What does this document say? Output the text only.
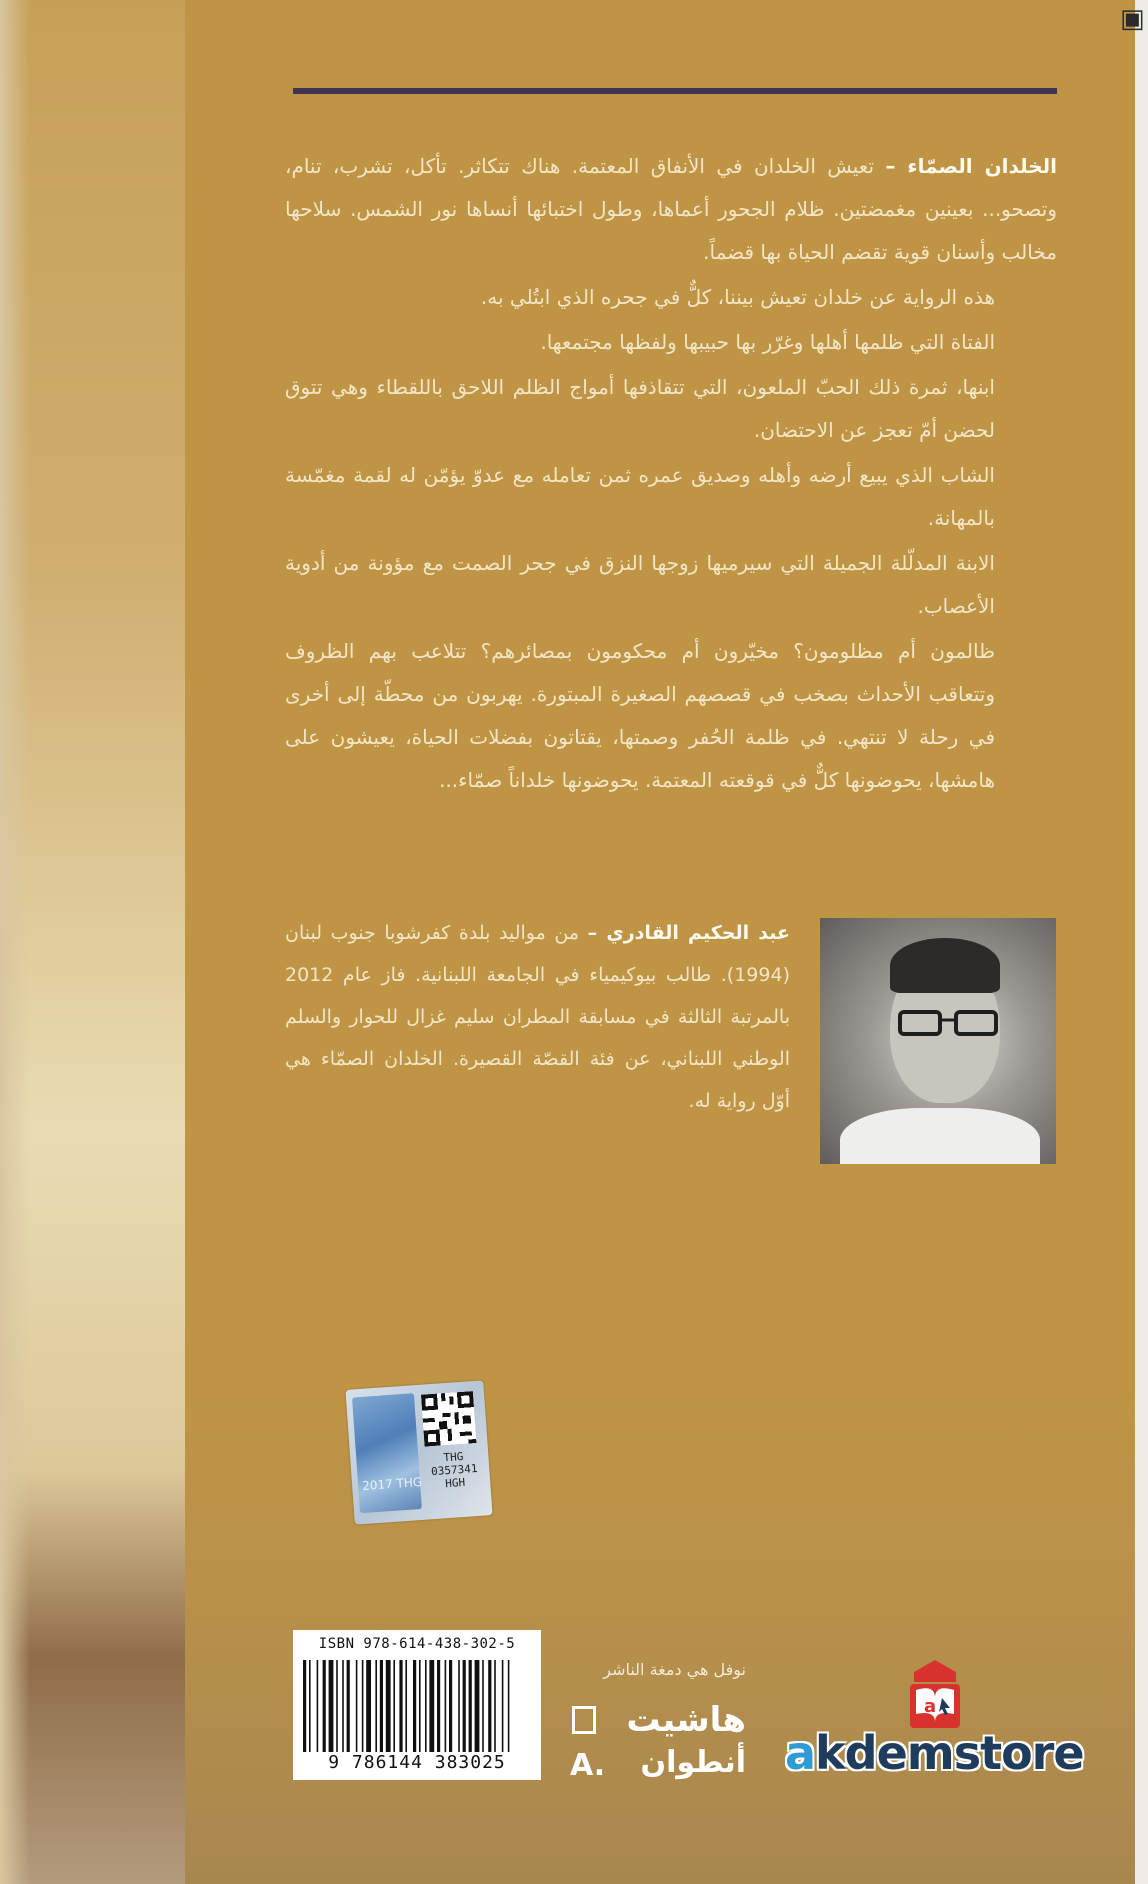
▣

الخلدان الصمّاء – تعيش الخلدان في الأنفاق المعتمة. هناك تتكاثر. تأكل، تشرب، تنام، وتصحو... بعينين مغمضتين. ظلام الجحور أعماها، وطول اختبائها أنساها نور الشمس. سلاحها مخالب وأسنان قوية تقضم الحياة بها قضماً.

هذه الرواية عن خلدان تعيش بيننا، كلٌّ في جحره الذي ابتُلي به.

الفتاة التي ظلمها أهلها وغرّر بها حبيبها ولفظها مجتمعها.

ابنها، ثمرة ذلك الحبّ الملعون، التي تتقاذفها أمواج الظلم اللاحق باللقطاء وهي تتوق لحضن أمّ تعجز عن الاحتضان.

الشاب الذي يبيع أرضه وأهله وصديق عمره ثمن تعامله مع عدوّ يؤمّن له لقمة مغمّسة بالمهانة.

الابنة المدلّلة الجميلة التي سيرميها زوجها النزق في جحر الصمت مع مؤونة من أدوية الأعصاب.

ظالمون أم مظلومون؟ مخيّرون أم محكومون بمصائرهم؟ تتلاعب بهم الظروف وتتعاقب الأحداث بصخب في قصصهم الصغيرة المبتورة. يهربون من محطّة إلى أخرى في رحلة لا تنتهي. في ظلمة الحُفر وصمتها، يقتاتون بفضلات الحياة، يعيشون على هامشها، يحوضونها كلٌّ في قوقعته المعتمة. يحوضونها خلداناً صمّاء...

عبد الحكيم القادري – من مواليد بلدة كفرشوبا جنوب لبنان (1994). طالب بيوكيمياء في الجامعة اللبنانية. فاز عام 2012 بالمرتبة الثالثة في مسابقة المطران سليم غزال للحوار والسلم الوطني اللبناني، عن فئة القصّة القصيرة. الخلدان الصمّاء هي أوّل رواية له.
2017 THG
THG
0357341
HGH
ISBN 978-614-438-302-5
9 786144 383025
نوفل هي دمغة الناشر
هاشيت
أنطوان
A.
a
akdemstore
